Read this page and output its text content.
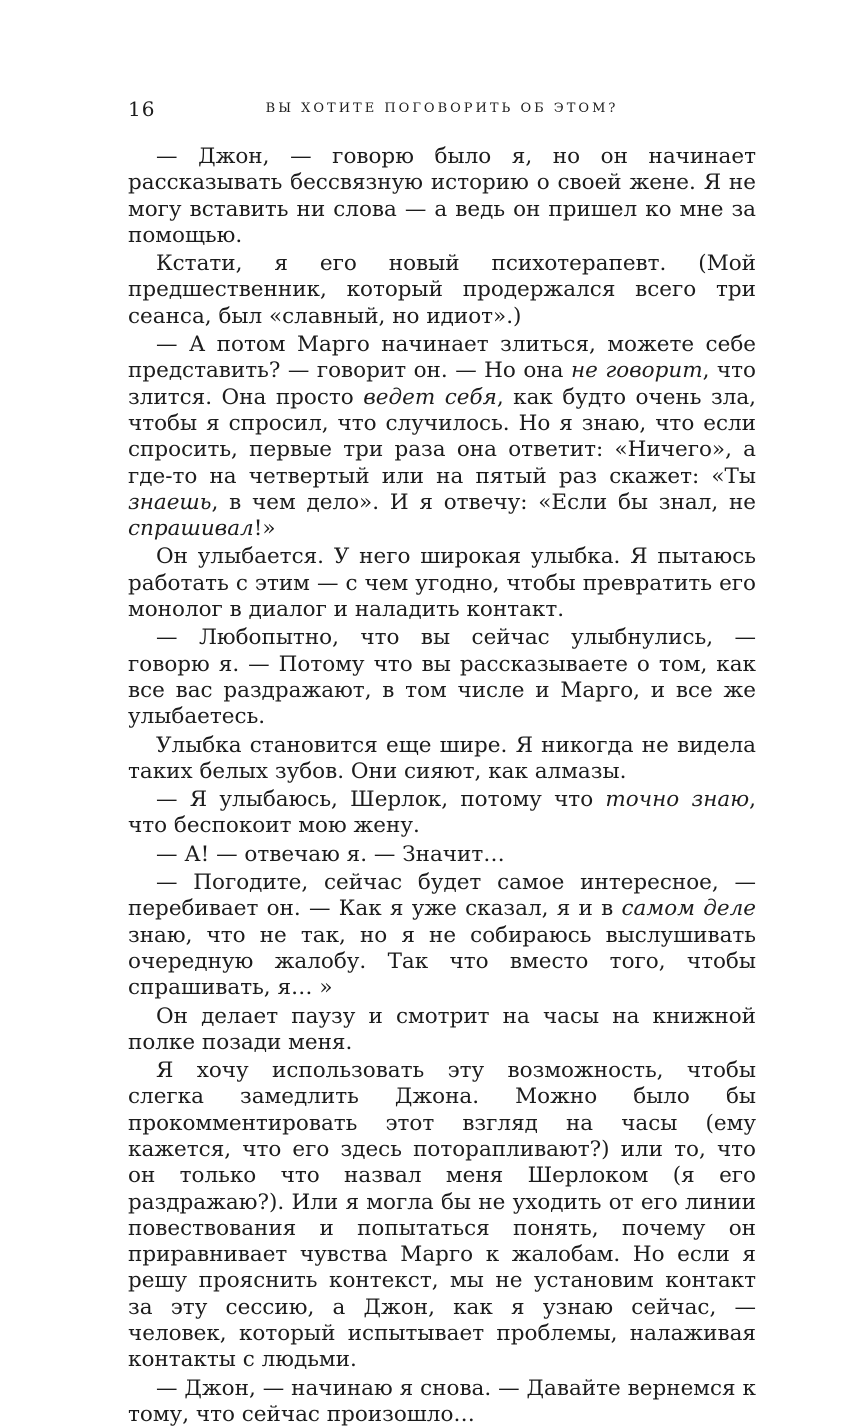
16	ВЫ ХОТИТЕ ПОГОВОРИТЬ ОБ ЭТОМ?

— Джон, — говорю было я, но он начинает рассказывать бессвязную историю о своей жене. Я не могу вставить ни слова — а ведь он пришел ко мне за помощью.

Кстати, я его новый психотерапевт. (Мой предшественник, который продержался всего три сеанса, был «славный, но идиот».)

— А потом Марго начинает злиться, можете себе представить? — говорит он. — Но она не говорит, что злится. Она просто ведет себя, как будто очень зла, чтобы я спросил, что случилось. Но я знаю, что если спросить, первые три раза она ответит: «Ничего», а где-то на четвертый или на пятый раз скажет: «Ты знаешь, в чем дело». И я отвечу: «Если бы знал, не спрашивал!»

Он улыбается. У него широкая улыбка. Я пытаюсь работать с этим — с чем угодно, чтобы превратить его монолог в диалог и наладить контакт.

— Любопытно, что вы сейчас улыбнулись, — говорю я. — Потому что вы рассказываете о том, как все вас раздражают, в том числе и Марго, и все же улыбаетесь.

Улыбка становится еще шире. Я никогда не видела таких белых зубов. Они сияют, как алмазы.

— Я улыбаюсь, Шерлок, потому что точно знаю, что беспокоит мою жену.

— А! — отвечаю я. — Значит…

— Погодите, сейчас будет самое интересное, — перебивает он. — Как я уже сказал, я и в самом деле знаю, что не так, но я не собираюсь выслушивать очередную жалобу. Так что вместо того, чтобы спрашивать, я… »

Он делает паузу и смотрит на часы на книжной полке позади меня.

Я хочу использовать эту возможность, чтобы слегка замедлить Джона. Можно было бы прокомментировать этот взгляд на часы (ему кажется, что его здесь поторапливают?) или то, что он только что назвал меня Шерлоком (я его раздражаю?). Или я могла бы не уходить от его линии повествования и попытаться понять, почему он приравнивает чувства Марго к жалобам. Но если я решу прояснить контекст, мы не установим контакт за эту сессию, а Джон, как я узнаю сейчас, — человек, который испытывает проблемы, налаживая контакты с людьми.

— Джон, — начинаю я снова. — Давайте вернемся к тому, что сейчас произошло…
